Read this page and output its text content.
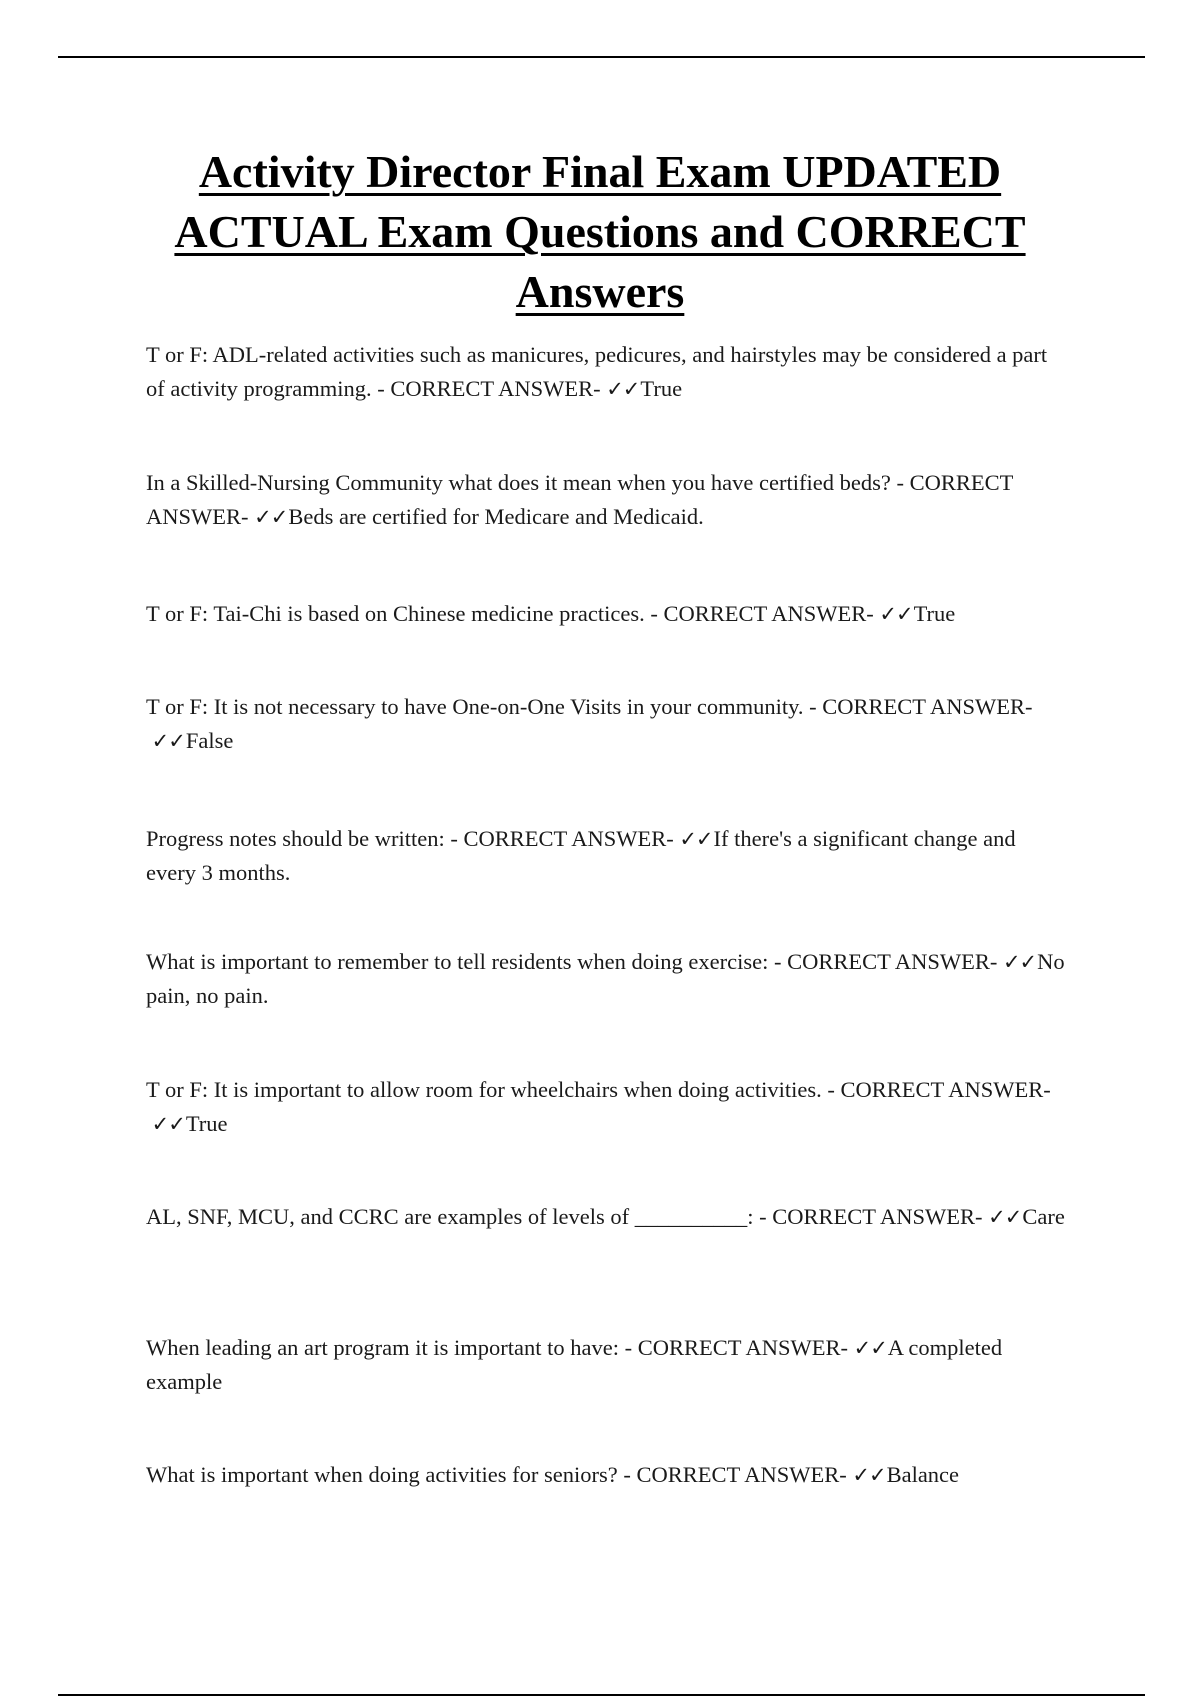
Activity Director Final Exam UPDATED ACTUAL Exam Questions and CORRECT Answers

T or F: ADL-related activities such as manicures, pedicures, and hairstyles may be considered a part of activity programming. - CORRECT ANSWER- ✓✓True

In a Skilled-Nursing Community what does it mean when you have certified beds? - CORRECT ANSWER- ✓✓Beds are certified for Medicare and Medicaid.

T or F: Tai-Chi is based on Chinese medicine practices. - CORRECT ANSWER- ✓✓True

T or F: It is not necessary to have One-on-One Visits in your community. - CORRECT ANSWER- ✓✓False

Progress notes should be written: - CORRECT ANSWER- ✓✓If there's a significant change and every 3 months.

What is important to remember to tell residents when doing exercise: - CORRECT ANSWER- ✓✓No pain, no pain.

T or F: It is important to allow room for wheelchairs when doing activities. - CORRECT ANSWER- ✓✓True

AL, SNF, MCU, and CCRC are examples of levels of __________: - CORRECT ANSWER- ✓✓Care

When leading an art program it is important to have: - CORRECT ANSWER- ✓✓A completed example

What is important when doing activities for seniors? - CORRECT ANSWER- ✓✓Balance
